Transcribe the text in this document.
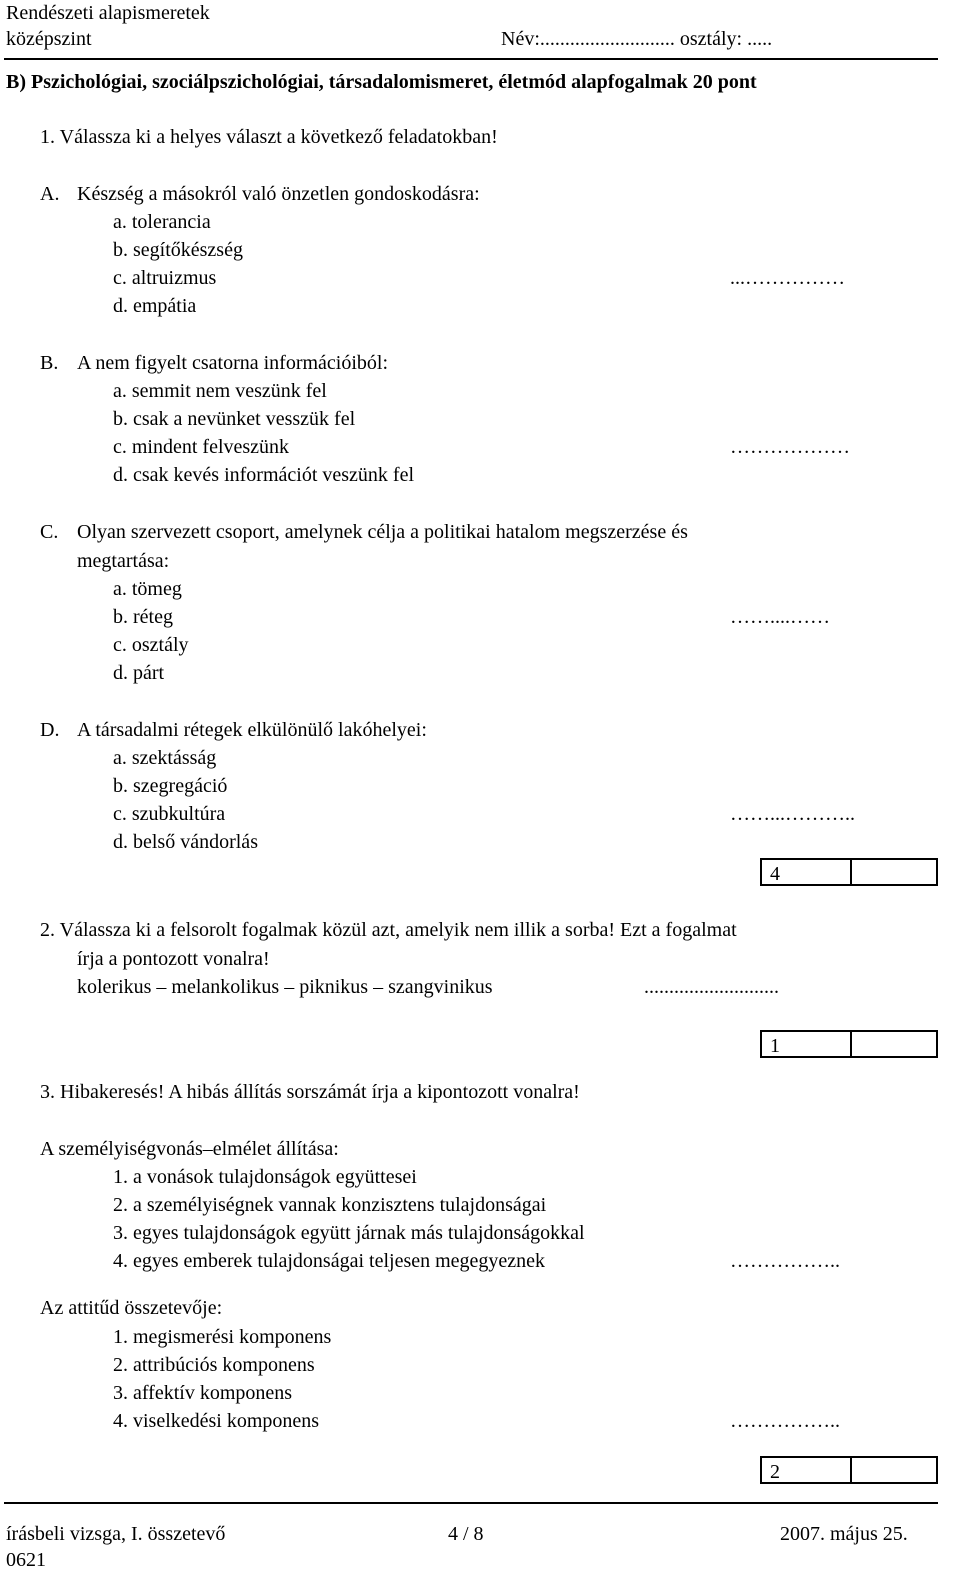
Rendészeti alapismeretek
középszint	Név:........................... osztály: .....
B) Pszichológiai, szociálpszichológiai, társadalomismeret, életmód alapfogalmak 20 pont
1. Válassza ki a helyes választ a következő feladatokban!
A. Készség a másokról való önzetlen gondoskodásra:
a. tolerancia
b. segítőkészség
c. altruizmus
d. empátia
...……………
B. A nem figyelt csatorna információiból:
a. semmit nem veszünk fel
b. csak a nevünket vesszük fel
c. mindent felveszünk
d. csak kevés információt veszünk fel
………………
C. Olyan szervezett csoport, amelynek célja a politikai hatalom megszerzése és
megtartása:
a. tömeg
b. réteg
c. osztály
d. párt
……....……
D. A társadalmi rétegek elkülönülő lakóhelyei:
a. szektásság
b. szegregáció
c. szubkultúra
d. belső vándorlás
……...………..
4
2. Válassza ki a felsorolt fogalmak közül azt, amelyik nem illik a sorba! Ezt a fogalmat
írja a pontozott vonalra!
kolerikus – melankolikus – piknikus – szangvinikus	...........................
1
3. Hibakeresés! A hibás állítás sorszámát írja a kipontozott vonalra!
A személyiségvonás–elmélet állítása:
1. a vonások tulajdonságok együttesei
2. a személyiségnek vannak konzisztens tulajdonságai
3. egyes tulajdonságok együtt járnak más tulajdonságokkal
4. egyes emberek tulajdonságai teljesen megegyeznek	……………..
Az attitűd összetevője:
1. megismerési komponens
2. attribúciós komponens
3. affektív komponens
4. viselkedési komponens	……………..
2
írásbeli vizsga, I. összetevő
0621
4 / 8	2007. május 25.
